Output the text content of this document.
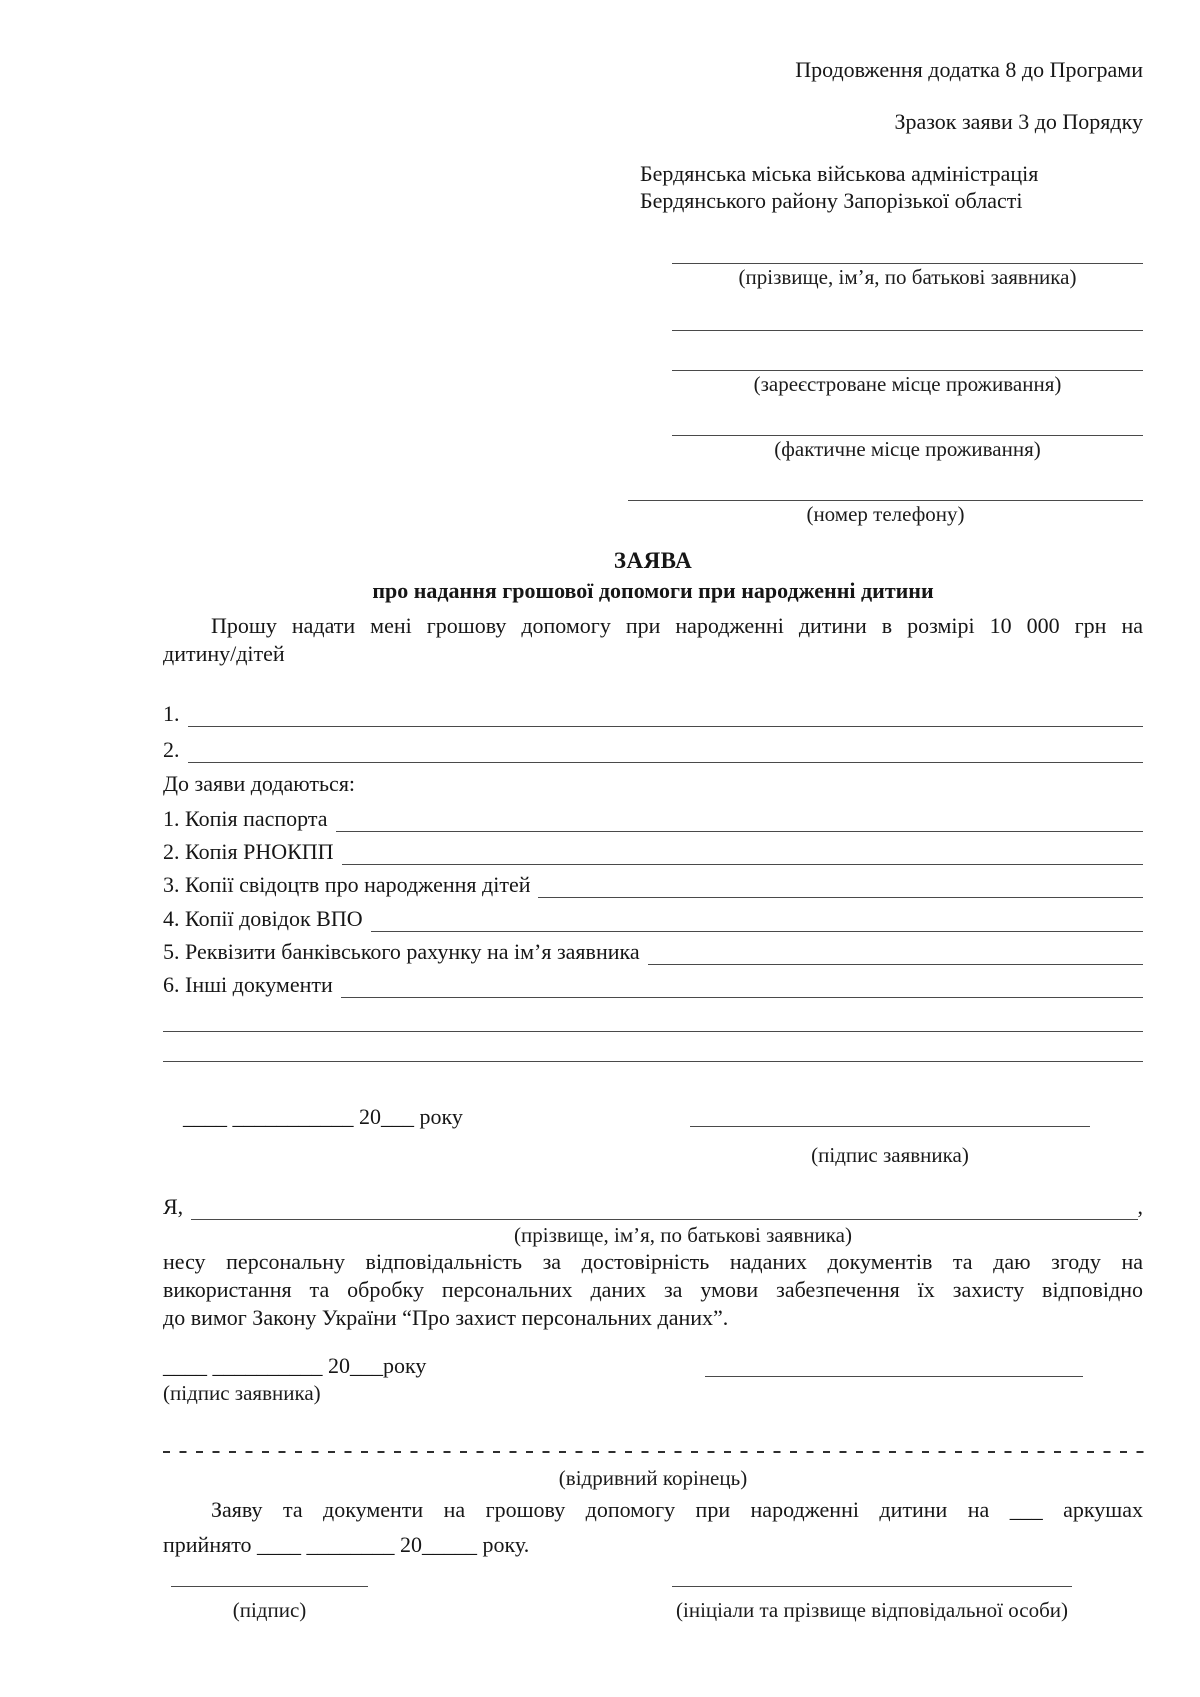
Продовження додатка 8 до Програми
Зразок заяви 3 до Порядку
Бердянська міська військова адміністрація
Бердянського району Запорізької області
(прізвище, ім’я, по батькові заявника)
(зареєстроване місце проживання)
(фактичне місце проживання)
(номер телефону)
ЗАЯВА
про надання грошової допомоги при народженні дитини
Прошу надати мені грошову допомогу при народженні дитини в розмірі 10 000 грн на
дитину/дітей
1.
2.
До заяви додаються:
1. Копія паспорта
2. Копія РНОКПП
3. Копії свідоцтв про народження дітей
4. Копії довідок ВПО
5. Реквізити банківського рахунку на ім’я заявника
6. Інші документи
____ ___________ 20___ року
(підпис заявника)
Я,	,
(прізвище, ім’я, по батькові заявника)
несу персональну відповідальність за достовірність наданих документів та даю згоду на
використання та обробку персональних даних за умови забезпечення їх захисту відповідно
до вимог Закону України “Про захист персональних даних”.
____ __________ 20___року
(підпис заявника)
(відривний корінець)
Заяву та документи на грошову допомогу при народженні дитини на ___ аркушах
прийнято ____ ________ 20_____ року.
(підпис)	(ініціали та прізвище відповідальної особи)
